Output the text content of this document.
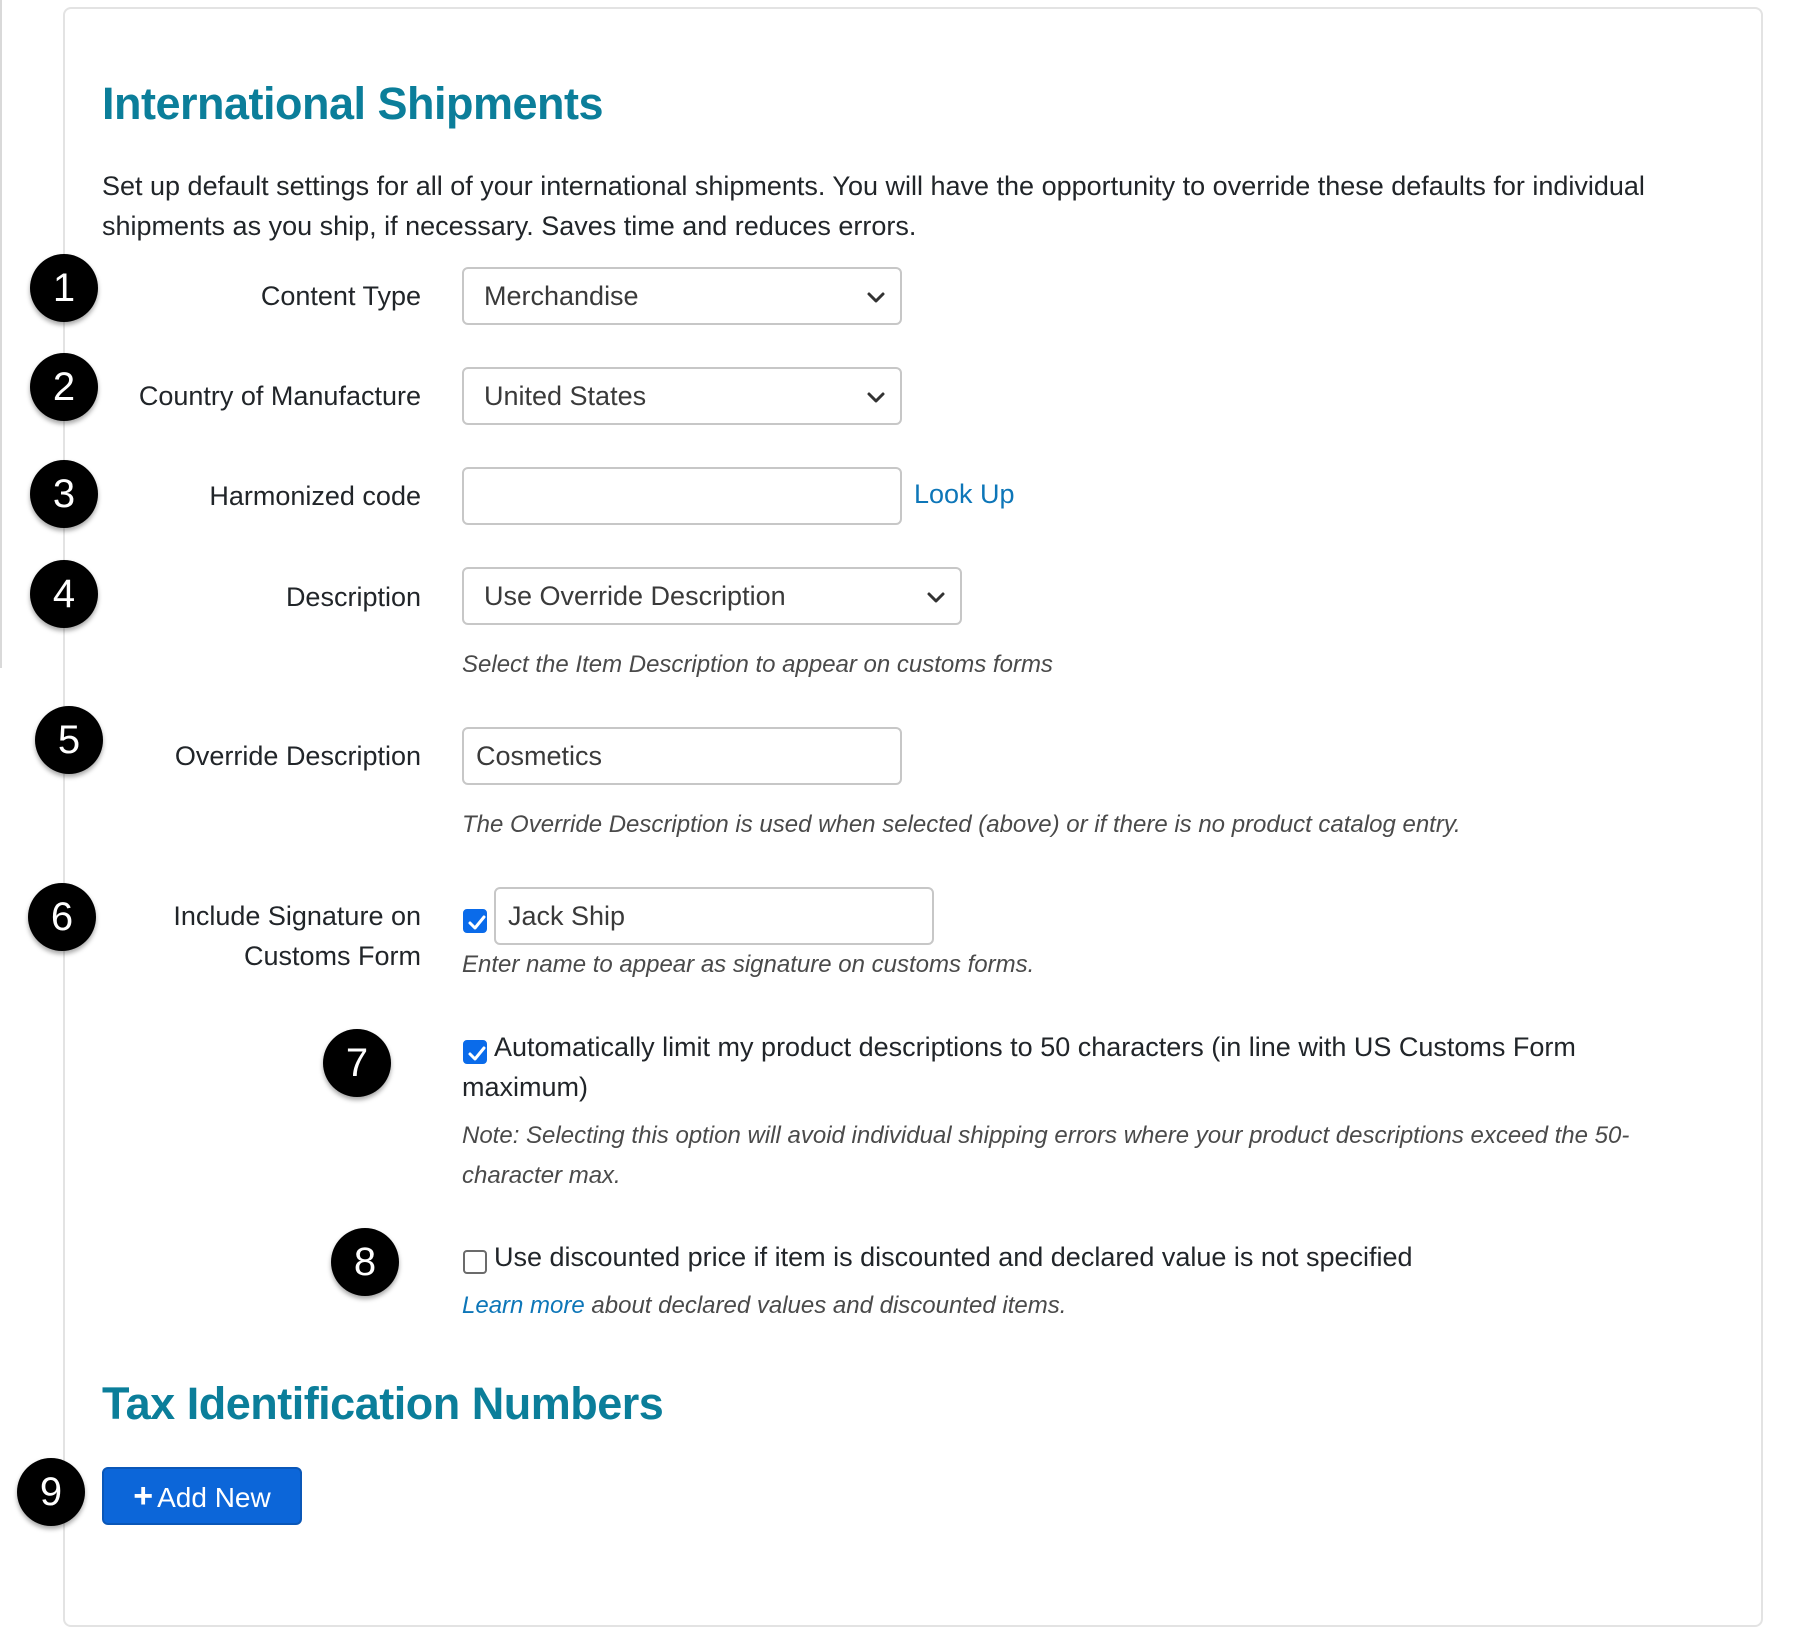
International Shipments

Set up default settings for all of your international shipments. You will have the opportunity to override these defaults for individual shipments as you ship, if necessary. Saves time and reduces errors.

1	Content Type	Merchandise
2	Country of Manufacture	United States
3	Harmonized code	Look Up
4	Description	Use Override Description
Select the Item Description to appear on customs forms
5	Override Description	Cosmetics
The Override Description is used when selected (above) or if there is no product catalog entry.
6	Include Signature on
Customs Form
Jack Ship
Enter name to appear as signature on customs forms.
7	Automatically limit my product descriptions to 50 characters (in line with US Customs Form
maximum)
Note: Selecting this option will avoid individual shipping errors where your product descriptions exceed the 50-
character max.
8	Use discounted price if item is discounted and declared value is not specified
Learn more about declared values and discounted items.
Tax Identification Numbers
9	+ Add New
